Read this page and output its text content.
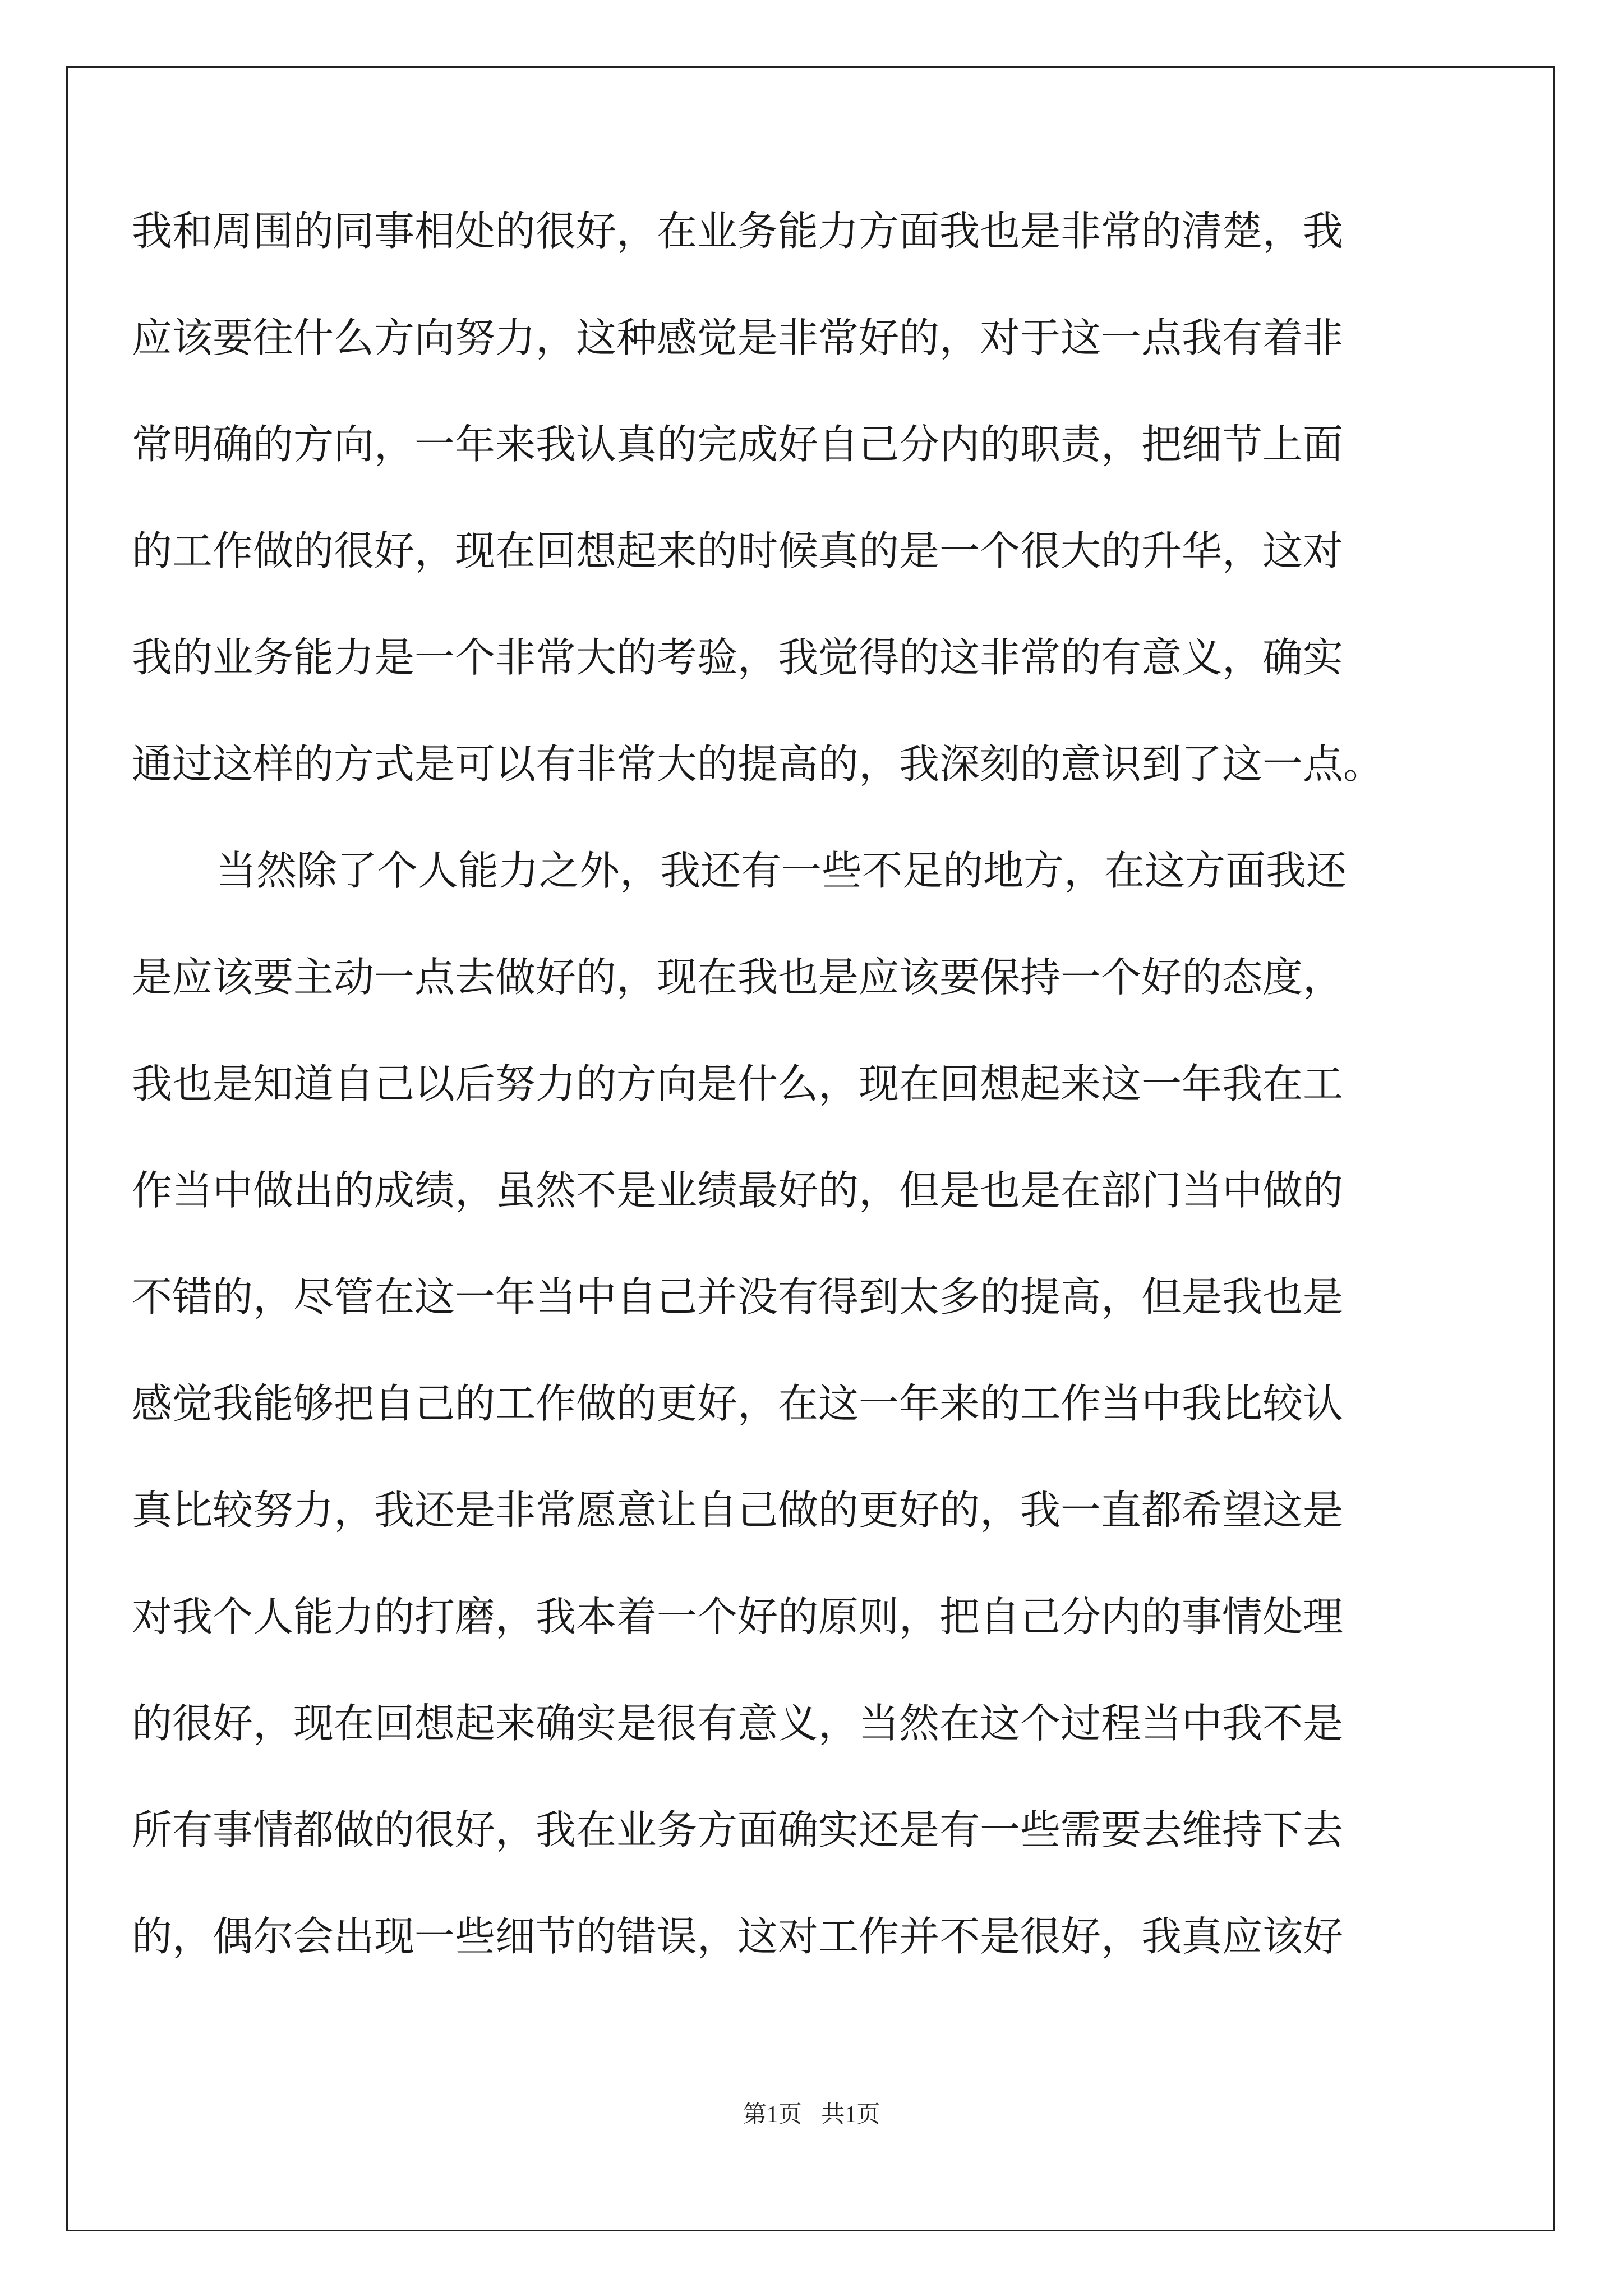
我和周围的同事相处的很好，在业务能力方面我也是非常的清楚，我
应该要往什么方向努力，这种感觉是非常好的，对于这一点我有着非
常明确的方向，一年来我认真的完成好自己分内的职责，把细节上面
的工作做的很好，现在回想起来的时候真的是一个很大的升华，这对
我的业务能力是一个非常大的考验，我觉得的这非常的有意义，确实
通过这样的方式是可以有非常大的提高的，我深刻的意识到了这一点。
当然除了个人能力之外，我还有一些不足的地方，在这方面我还
是应该要主动一点去做好的，现在我也是应该要保持一个好的态度，
我也是知道自己以后努力的方向是什么，现在回想起来这一年我在工
作当中做出的成绩，虽然不是业绩最好的，但是也是在部门当中做的
不错的，尽管在这一年当中自己并没有得到太多的提高，但是我也是
感觉我能够把自己的工作做的更好，在这一年来的工作当中我比较认
真比较努力，我还是非常愿意让自己做的更好的，我一直都希望这是
对我个人能力的打磨，我本着一个好的原则，把自己分内的事情处理
的很好，现在回想起来确实是很有意义，当然在这个过程当中我不是
所有事情都做的很好，我在业务方面确实还是有一些需要去维持下去
的，偶尔会出现一些细节的错误，这对工作并不是很好，我真应该好
第1页 共1页
